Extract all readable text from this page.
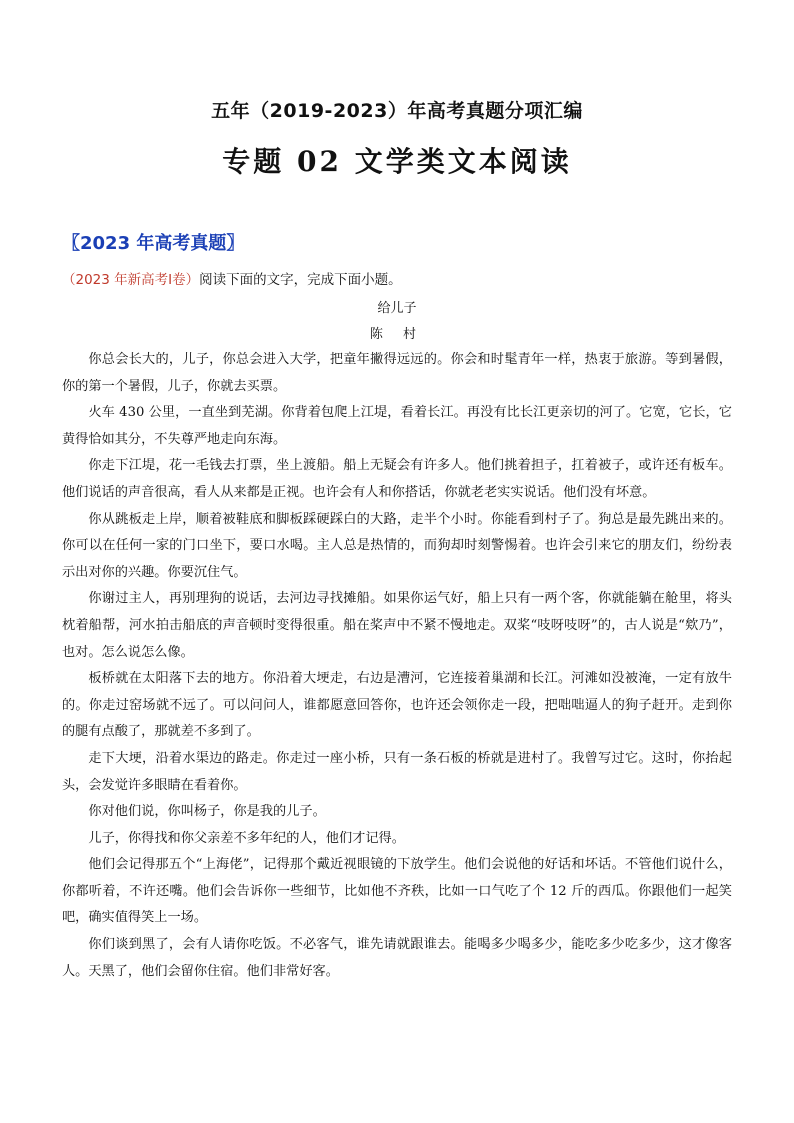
五年（2019-2023）年高考真题分项汇编
专题 02 文学类文本阅读
〖2023 年高考真题〗
（2023 年新高考Ⅰ卷）阅读下面的文字，完成下面小题。
给儿子
陈 村

你总会长大的，儿子，你总会进入大学，把童年撇得远远的。你会和时髦青年一样，热衷于旅游。等到暑假，你的第一个暑假，儿子，你就去买票。

火车 430 公里，一直坐到芜湖。你背着包爬上江堤，看着长江。再没有比长江更亲切的河了。它宽，它长，它黄得恰如其分，不失尊严地走向东海。

你走下江堤，花一毛钱去打票，坐上渡船。船上无疑会有许多人。他们挑着担子，扛着被子，或许还有板车。他们说话的声音很高，看人从来都是正视。也许会有人和你搭话，你就老老实实说话。他们没有坏意。

你从跳板走上岸，顺着被鞋底和脚板踩硬踩白的大路，走半个小时。你能看到村子了。狗总是最先跳出来的。你可以在任何一家的门口坐下，要口水喝。主人总是热情的，而狗却时刻警惕着。也许会引来它的朋友们，纷纷表示出对你的兴趣。你要沉住气。

你谢过主人，再别理狗的说话，去河边寻找摊船。如果你运气好，船上只有一两个客，你就能躺在舱里，将头枕着船帮，河水拍击船底的声音顿时变得很重。船在桨声中不紧不慢地走。双桨“吱呀吱呀”的，古人说是“欸乃”，也对。怎么说怎么像。

板桥就在太阳落下去的地方。你沿着大埂走，右边是漕河，它连接着巢湖和长江。河滩如没被淹，一定有放牛的。你走过窑场就不远了。可以问问人，谁都愿意回答你，也许还会领你走一段，把咄咄逼人的狗子赶开。走到你的腿有点酸了，那就差不多到了。

走下大埂，沿着水渠边的路走。你走过一座小桥，只有一条石板的桥就是进村了。我曾写过它。这时，你抬起头，会发觉许多眼睛在看着你。

你对他们说，你叫杨子，你是我的儿子。

儿子，你得找和你父亲差不多年纪的人，他们才记得。

他们会记得那五个“上海佬”，记得那个戴近视眼镜的下放学生。他们会说他的好话和坏话。不管他们说什么，你都听着，不许还嘴。他们会告诉你一些细节，比如他不齐秩，比如一口气吃了个 12 斤的西瓜。你跟他们一起笑吧，确实值得笑上一场。

你们谈到黑了，会有人请你吃饭。不必客气，谁先请就跟谁去。能喝多少喝多少，能吃多少吃多少，这才像客人。天黑了，他们会留你住宿。他们非常好客。
